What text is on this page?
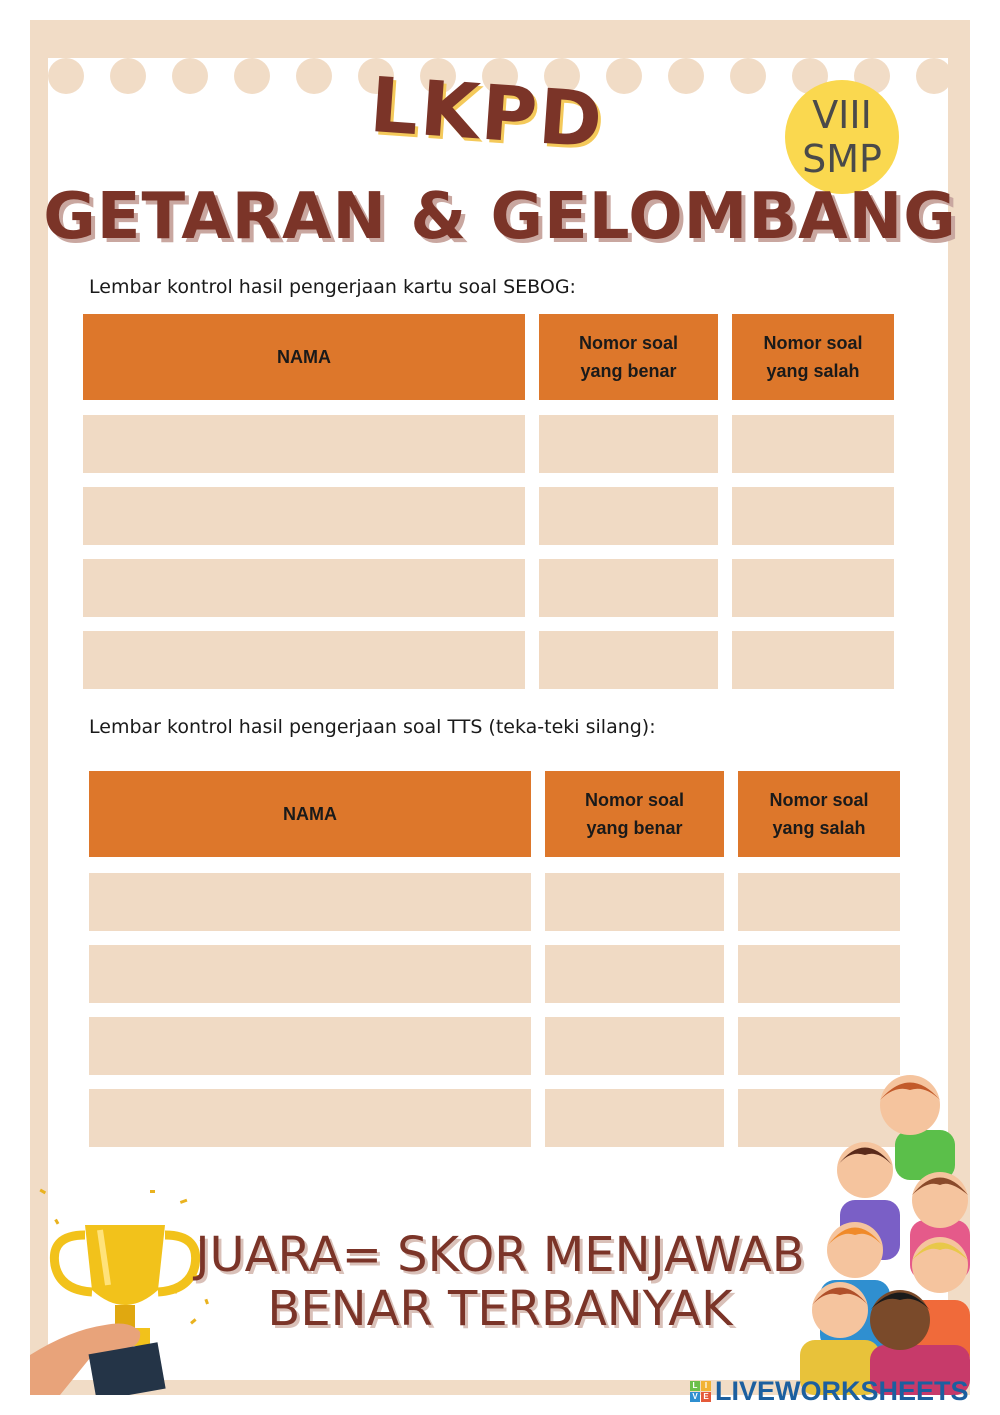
LKPD	VIII
SMP
GETARAN & GELOMBANG
Lembar kontrol hasil pengerjaan kartu soal SEBOG:
NAMA
Nomor soal
yang benar
Nomor soal
yang salah
Lembar kontrol hasil pengerjaan soal TTS (teka-teki silang):
NAMA
Nomor soal
yang benar
Nomor soal
yang salah
JUARA= SKOR MENJAWAB
BENAR TERBANYAK
L I
V E LIVEWORKSHEETS
